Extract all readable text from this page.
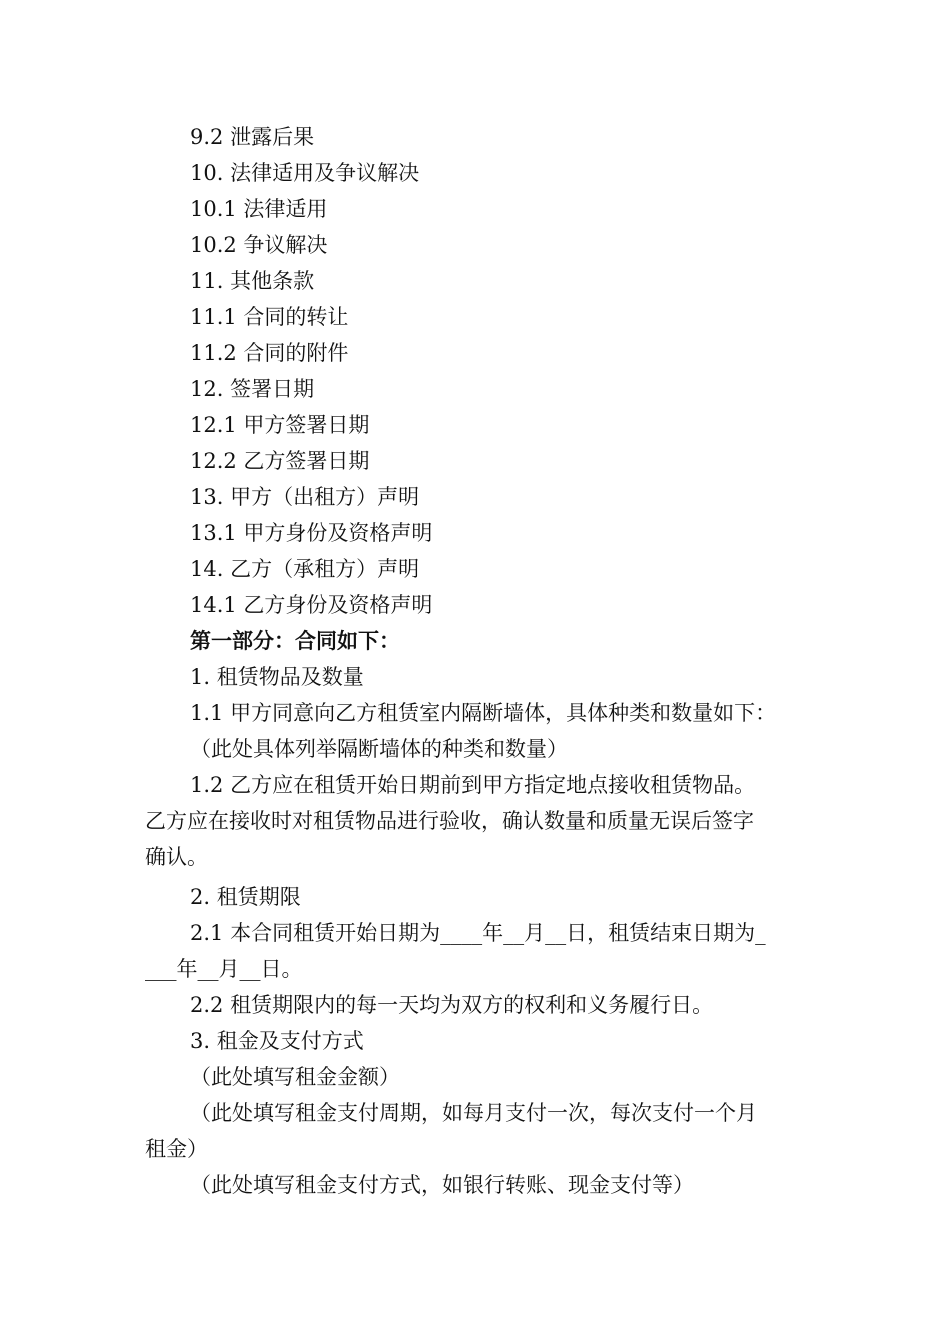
9.2 泄露后果
10. 法律适用及争议解决
10.1 法律适用
10.2 争议解决
11. 其他条款
11.1 合同的转让
11.2 合同的附件
12. 签署日期
12.1 甲方签署日期
12.2 乙方签署日期
13. 甲方（出租方）声明
13.1 甲方身份及资格声明
14. 乙方（承租方）声明
14.1 乙方身份及资格声明
第一部分：合同如下：
1. 租赁物品及数量
1.1 甲方同意向乙方租赁室内隔断墙体，具体种类和数量如下：
（此处具体列举隔断墙体的种类和数量）
1.2 乙方应在租赁开始日期前到甲方指定地点接收租赁物品。
乙方应在接收时对租赁物品进行验收，确认数量和质量无误后签字
确认。
2. 租赁期限
2.1 本合同租赁开始日期为____年__月__日，租赁结束日期为_
___年__月__日。
2.2 租赁期限内的每一天均为双方的权利和义务履行日。
3. 租金及支付方式
（此处填写租金金额）
（此处填写租金支付周期，如每月支付一次，每次支付一个月
租金）
（此处填写租金支付方式，如银行转账、现金支付等）
